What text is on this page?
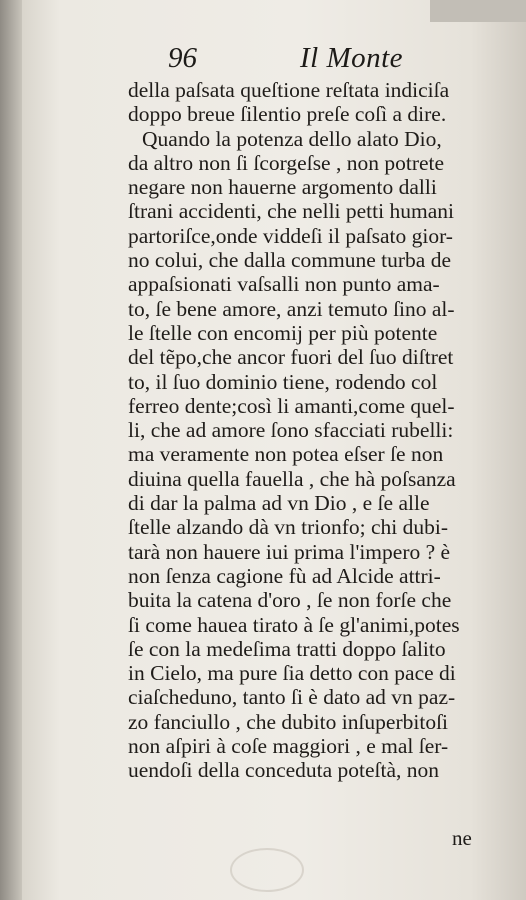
96	Il Monte
della paſsata queſtione reſtata indiciſa
doppo breue ſilentio preſe coſì a dire.
Quando la potenza dello alato Dio,
da altro non ſi ſcorgeſse , non potrete
negare non hauerne argomento dalli
ſtrani accidenti, che nelli petti humani
partoriſce,onde viddeſi il paſsato gior-
no colui, che dalla commune turba de
appaſsionati vaſsalli non punto ama-
to, ſe bene amore, anzi temuto ſino al-
le ſtelle con encomij per più potente
del tẽpo,che ancor fuori del ſuo diſtret
to, il ſuo dominio tiene, rodendo col
ferreo dente;così li amanti,come quel-
li, che ad amore ſono sfacciati rubelli:
ma veramente non potea eſser ſe non
diuina quella fauella , che hà poſsanza
di dar la palma ad vn Dio , e ſe alle
ſtelle alzando dà vn trionfo; chi dubi-
tarà non hauere iui prima l'impero ? è
non ſenza cagione fù ad Alcide attri-
buita la catena d'oro , ſe non forſe che
ſi come hauea tirato à ſe gl'animi,potes
ſe con la medeſima tratti doppo ſalito
in Cielo, ma pure ſia detto con pace di
ciaſcheduno, tanto ſi è dato ad vn paz-
zo fanciullo , che dubito inſuperbitoſi
non aſpiri à coſe maggiori , e mal ſer-
uendoſi della conceduta poteſtà, non
ne
